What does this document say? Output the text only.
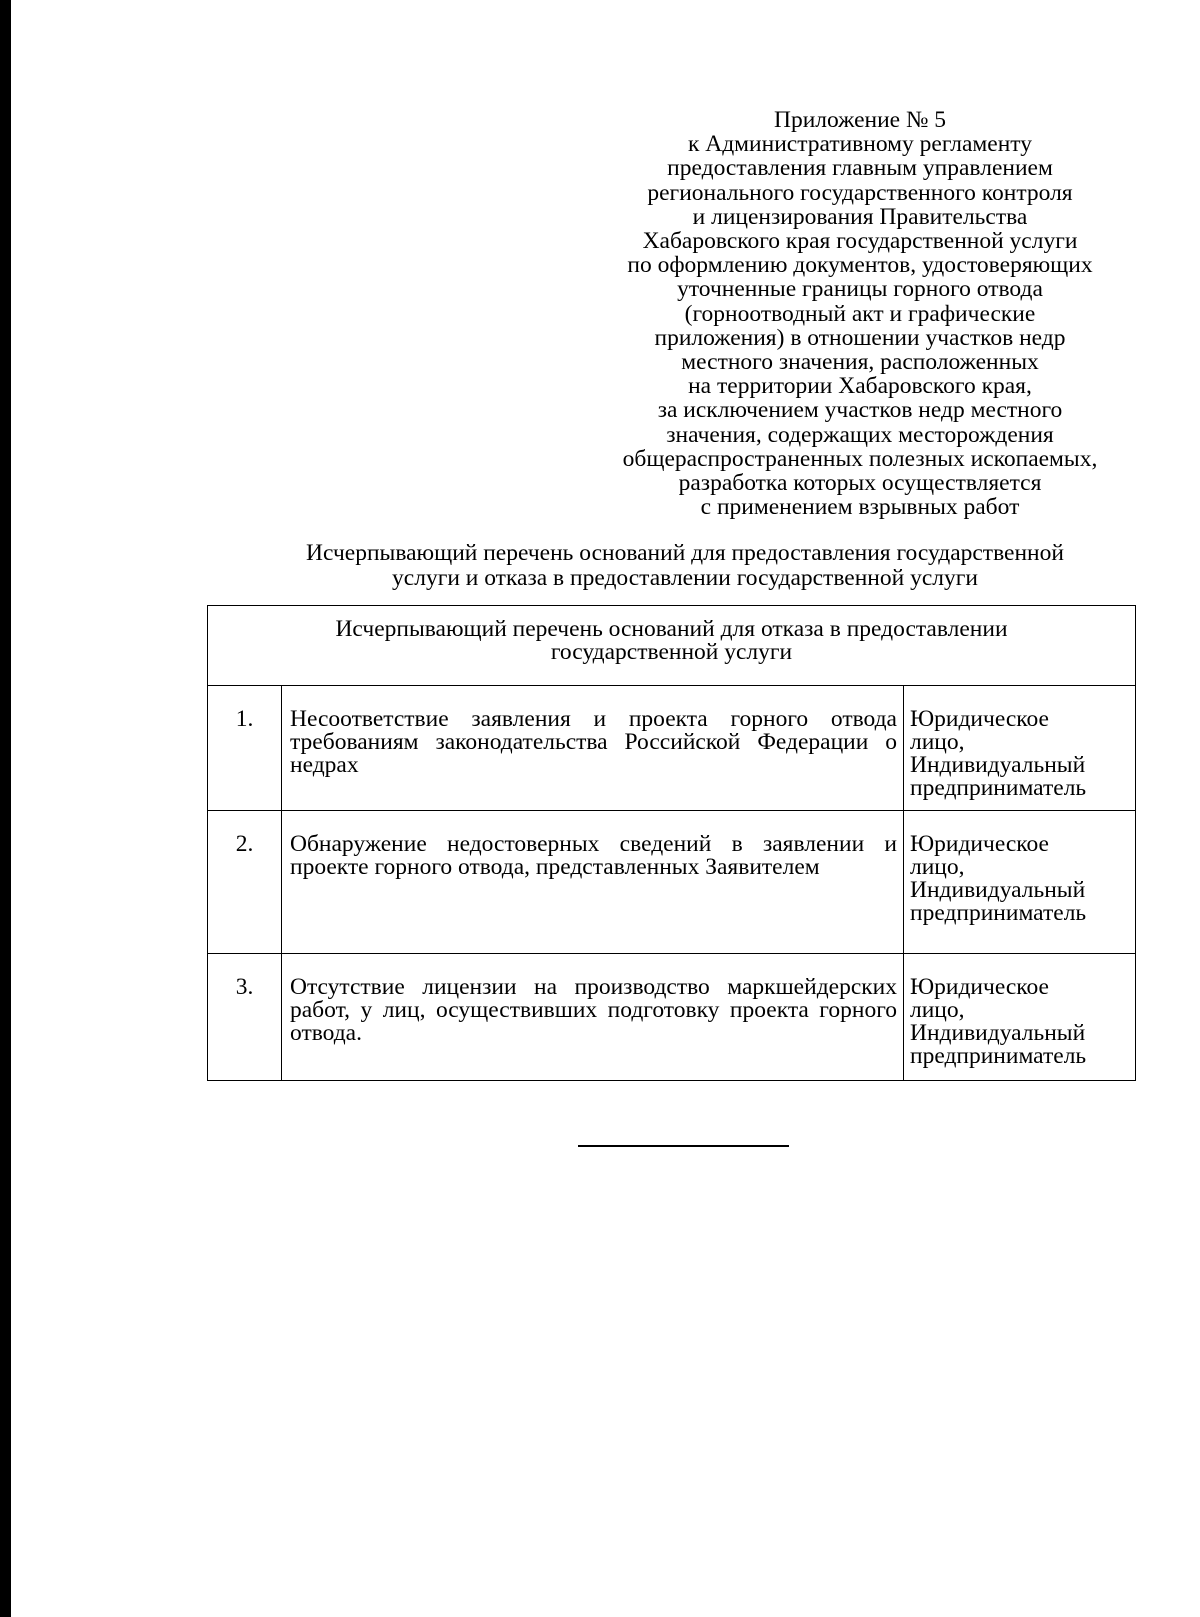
Приложение № 5
к Административному регламенту
предоставления главным управлением
регионального государственного контроля
и лицензирования Правительства
Хабаровского края государственной услуги
по оформлению документов, удостоверяющих
уточненные границы горного отвода
(горноотводный акт и графические
приложения) в отношении участков недр
местного значения, расположенных
на территории Хабаровского края,
за исключением участков недр местного
значения, содержащих месторождения
общераспространенных полезных ископаемых,
разработка которых осуществляется
с применением взрывных работ
Исчерпывающий перечень оснований для предоставления государственной
услуги и отказа в предоставлении государственной услуги
Исчерпывающий перечень оснований для отказа в предоставлении
государственной услуги		

1.	Несоответствие заявления и проекта горного отвода требованиям законодательства Российской Федерации о недрах	Юридическое
лицо,
Индивидуальный
предприниматель

2.	Обнаружение недостоверных сведений в заявлении и проекте горного отвода, представленных Заявителем	Юридическое
лицо,
Индивидуальный
предприниматель

3.	Отсутствие лицензии на производство маркшейдерских работ, у лиц, осуществивших подготовку проекта горного отвода.	Юридическое
лицо,
Индивидуальный
предприниматель
